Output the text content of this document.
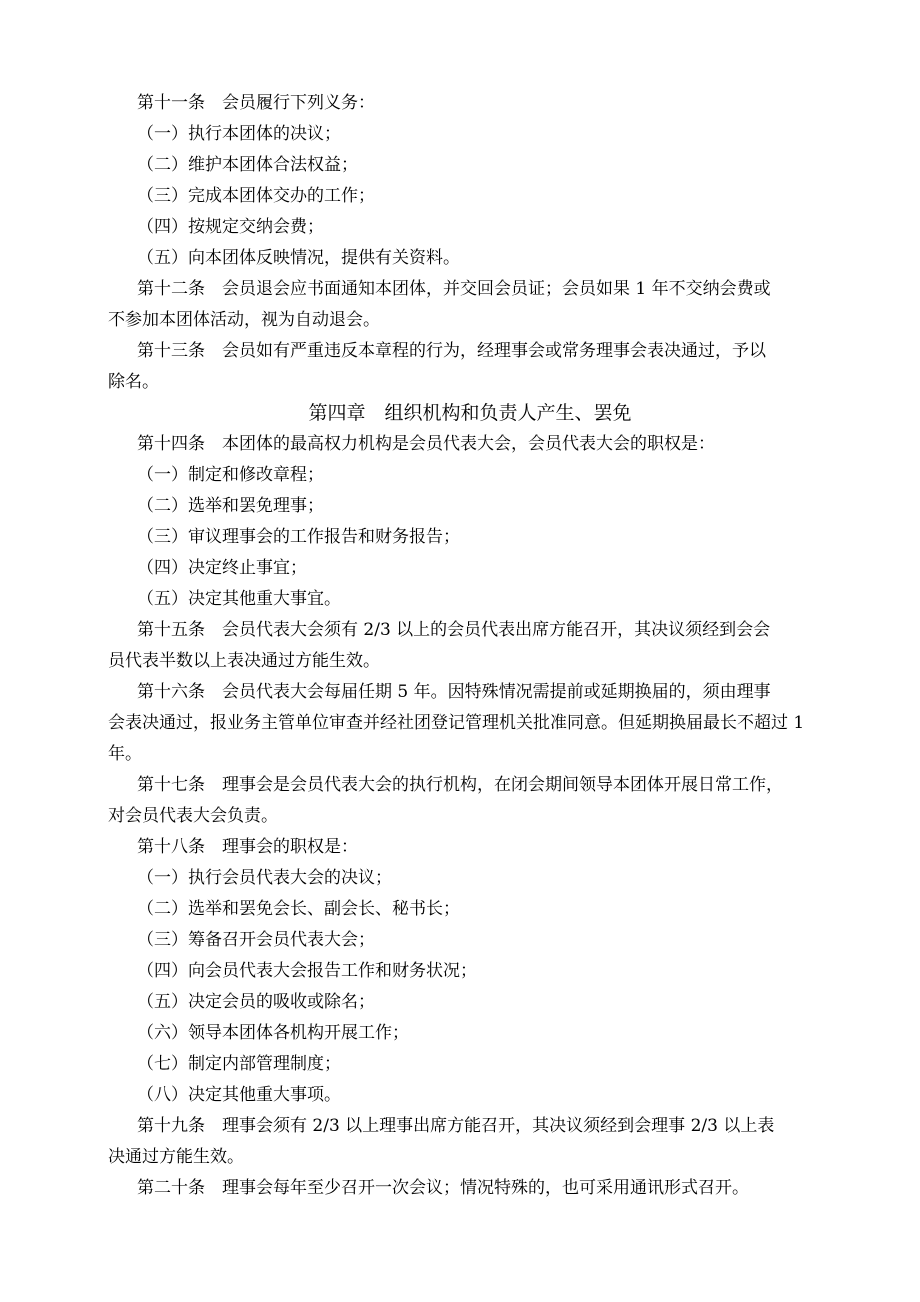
第十一条　会员履行下列义务：
（一）执行本团体的决议；
（二）维护本团体合法权益；
（三）完成本团体交办的工作；
（四）按规定交纳会费；
（五）向本团体反映情况，提供有关资料。
第十二条　会员退会应书面通知本团体，并交回会员证；会员如果 1 年不交纳会费或
不参加本团体活动，视为自动退会。
第十三条　会员如有严重违反本章程的行为，经理事会或常务理事会表决通过，予以
除名。
第四章　组织机构和负责人产生、罢免
第十四条　本团体的最高权力机构是会员代表大会，会员代表大会的职权是：
（一）制定和修改章程；
（二）选举和罢免理事；
（三）审议理事会的工作报告和财务报告；
（四）决定终止事宜；
（五）决定其他重大事宜。
第十五条　会员代表大会须有 2/3 以上的会员代表出席方能召开，其决议须经到会会
员代表半数以上表决通过方能生效。
第十六条　会员代表大会每届任期 5 年。因特殊情况需提前或延期换届的，须由理事
会表决通过，报业务主管单位审查并经社团登记管理机关批准同意。但延期换届最长不超过 1
年。
第十七条　理事会是会员代表大会的执行机构，在闭会期间领导本团体开展日常工作，
对会员代表大会负责。
第十八条　理事会的职权是：
（一）执行会员代表大会的决议；
（二）选举和罢免会长、副会长、秘书长；
（三）筹备召开会员代表大会；
（四）向会员代表大会报告工作和财务状况；
（五）决定会员的吸收或除名；
（六）领导本团体各机构开展工作；
（七）制定内部管理制度；
（八）决定其他重大事项。
第十九条　理事会须有 2/3 以上理事出席方能召开，其决议须经到会理事 2/3 以上表
决通过方能生效。
第二十条　理事会每年至少召开一次会议；情况特殊的，也可采用通讯形式召开。
